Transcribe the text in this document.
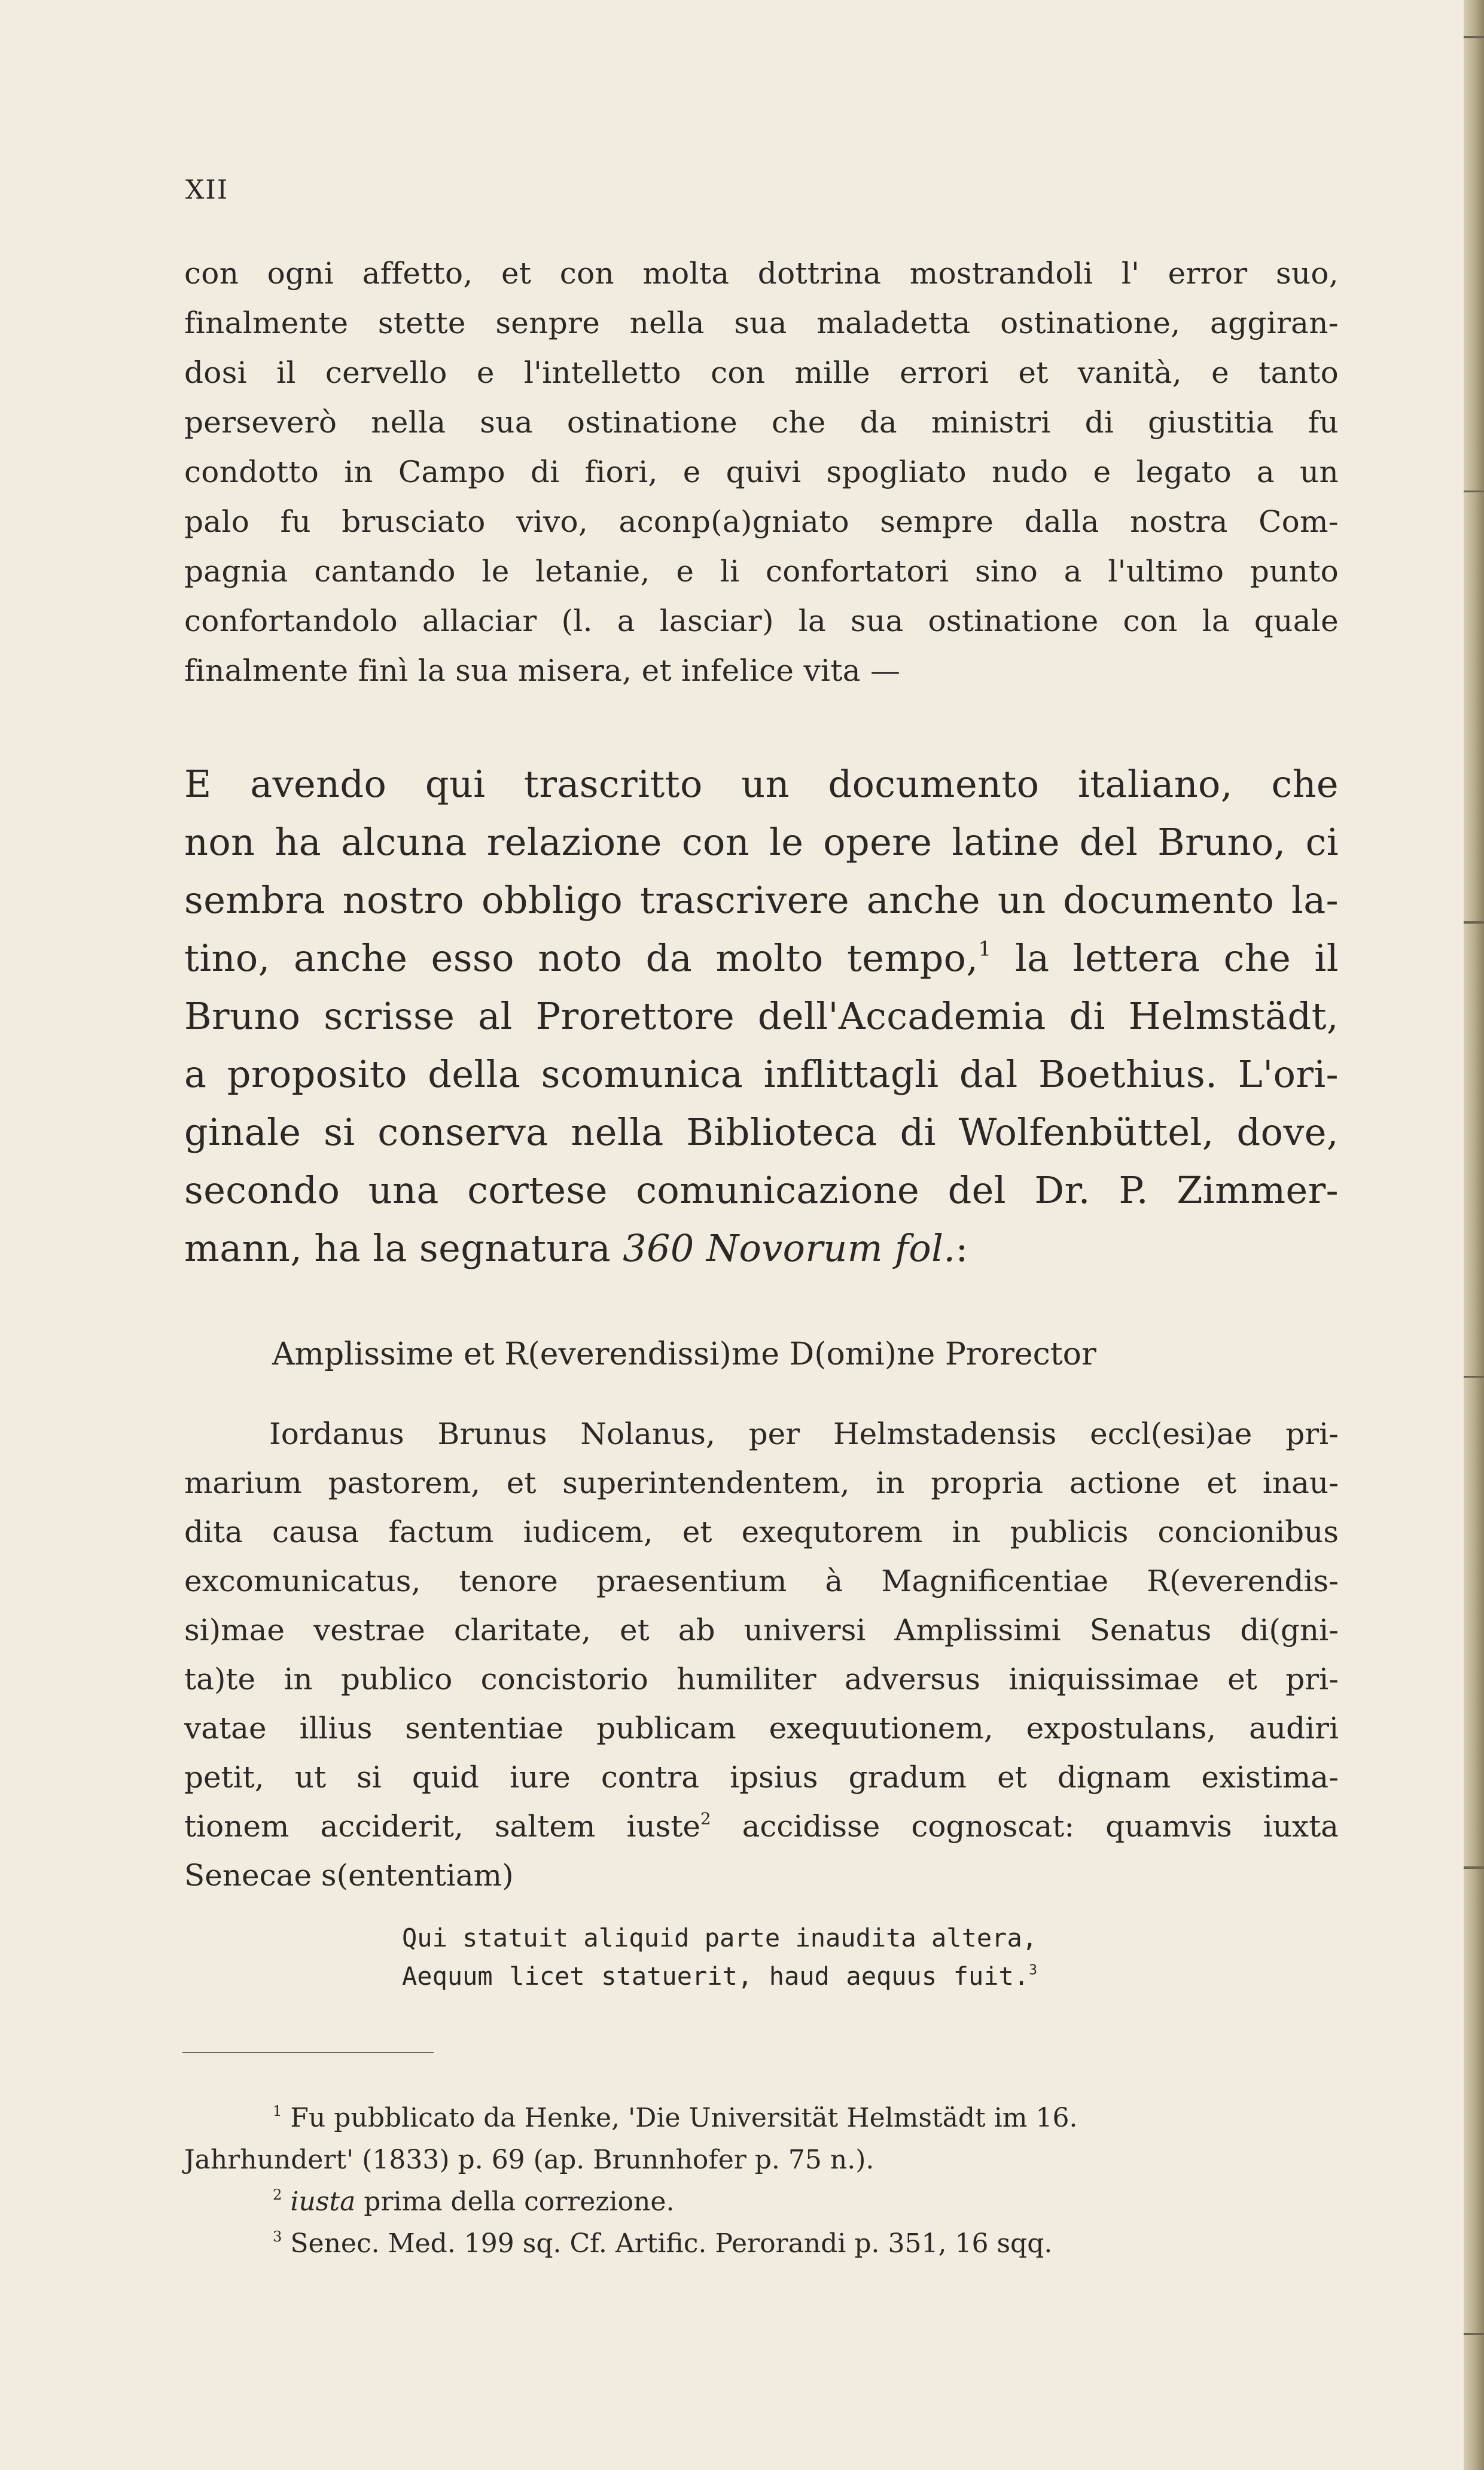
XII
con ogni affetto, et con molta dottrina mostrandoli l' error suo,
finalmente stette senpre nella sua maladetta ostinatione, aggiran-
dosi il cervello e l'intelletto con mille errori et vanità, e tanto
perseverò nella sua ostinatione che da ministri di giustitia fu
condotto in Campo di fiori, e quivi spogliato nudo e legato a un
palo fu brusciato vivo, aconp(a)gniato sempre dalla nostra Com-
pagnia cantando le letanie, e li confortatori sino a l'ultimo punto
confortandolo allaciar (l. a lasciar) la sua ostinatione con la quale
finalmente finì la sua misera, et infelice vita —
E avendo qui trascritto un documento italiano, che
non ha alcuna relazione con le opere latine del Bruno, ci
sembra nostro obbligo trascrivere anche un documento la-
tino, anche esso noto da molto tempo,$^1$ la lettera che il
Bruno scrisse al Prorettore dell'Accademia di Helmstädt,
a proposito della scomunica inflittagli dal Boethius. L'ori-
ginale si conserva nella Biblioteca di Wolfenbüttel, dove,
secondo una cortese comunicazione del Dr. P. Zimmer-
mann, ha la segnatura 360 Novorum fol.:
Amplissime et R(everendissi)me D(omi)ne Prorector
Iordanus Brunus Nolanus, per Helmstadensis eccl(esi)ae pri-
marium pastorem, et superintendentem, in propria actione et inau-
dita causa factum iudicem, et exequtorem in publicis concionibus
excomunicatus, tenore praesentium à Magnificentiae R(everendis-
si)mae vestrae claritate, et ab universi Amplissimi Senatus di(gni-
ta)te in publico concistorio humiliter adversus iniquissimae et pri-
vatae illius sententiae publicam exequutionem, expostulans, audiri
petit, ut si quid iure contra ipsius gradum et dignam existima-
tionem acciderit, saltem iuste$^2$ accidisse cognoscat: quamvis iuxta
Senecae s(ententiam)
Qui statuit aliquid parte inaudita altera,
Aequum licet statuerit, haud aequus fuit.$^3$
$^1$ Fu pubblicato da Henke, 'Die Universität Helmstädt im 16.
Jahrhundert' (1833) p. 69 (ap. Brunnhofer p. 75 n.).
$^2$ iusta prima della correzione.
$^3$ Senec. Med. 199 sq. Cf. Artific. Perorandi p. 351, 16 sqq.
